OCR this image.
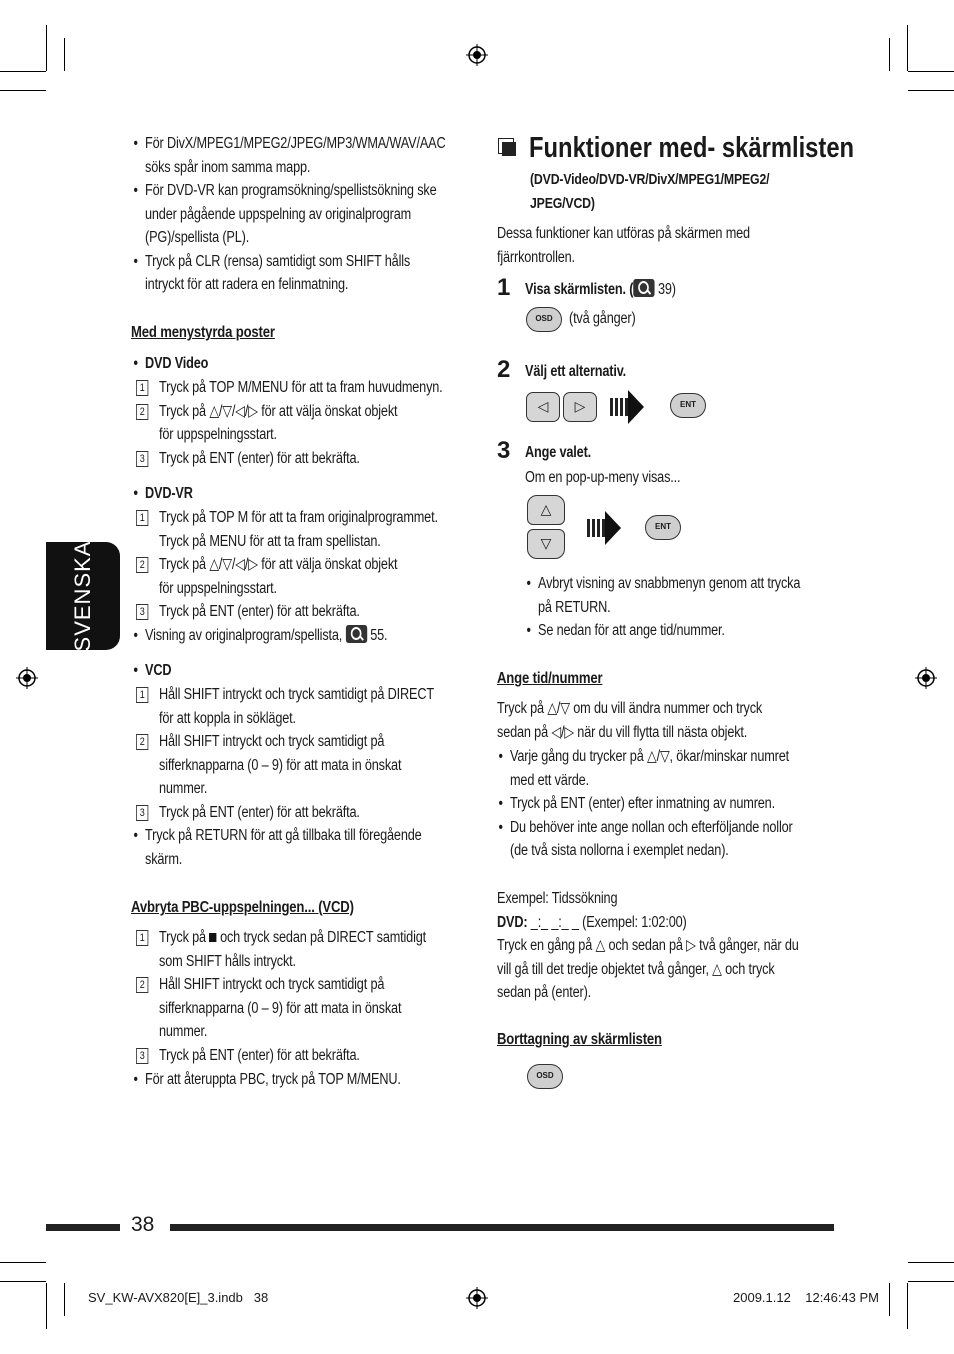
SVENSKA
• För DivX/MPEG1/MPEG2/JPEG/MP3/WMA/WAV/AAC
söks spår inom samma mapp.
• För DVD-VR kan programsökning/spellistsökning ske
under pågående uppspelning av originalprogram
(PG)/spellista (PL).
• Tryck på CLR (rensa) samtidigt som SHIFT hålls
intryckt för att radera en felinmatning.
Med menystyrda poster
• DVD Video
1 Tryck på TOP M/MENU för att ta fram huvudmenyn.
2 Tryck på △/▽/◁/▷ för att välja önskat objekt
för uppspelningsstart.
3 Tryck på ENT (enter) för att bekräfta.
• DVD-VR
1 Tryck på TOP M för att ta fram originalprogrammet.
Tryck på MENU för att ta fram spellistan.
2 Tryck på △/▽/◁/▷ för att välja önskat objekt
för uppspelningsstart.
3 Tryck på ENT (enter) för att bekräfta.
• Visning av originalprogram/spellista, 55.
• VCD
1 Håll SHIFT intryckt och tryck samtidigt på DIRECT
för att koppla in sökläget.
2 Håll SHIFT intryckt och tryck samtidigt på
sifferknapparna (0 – 9) för att mata in önskat
nummer.
3 Tryck på ENT (enter) för att bekräfta.
• Tryck på RETURN för att gå tillbaka till föregående
skärm.
Avbryta PBC-uppspelningen... (VCD)
1 Tryck på och tryck sedan på DIRECT samtidigt
som SHIFT hålls intryckt.
2 Håll SHIFT intryckt och tryck samtidigt på
sifferknapparna (0 – 9) för att mata in önskat
nummer.
3 Tryck på ENT (enter) för att bekräfta.
• För att återuppta PBC, tryck på TOP M/MENU.
Funktioner med- skärmlisten
(DVD-Video/DVD-VR/DivX/MPEG1/MPEG2/
JPEG/VCD)
Dessa funktioner kan utföras på skärmen med
fjärrkontrollen.
1 Visa skärmlisten. ( 39)
OSD	(två gånger)
2 Välj ett alternativ.
◁	▷	ENT
3 Ange valet.
Om en pop-up-meny visas...
△
▽
ENT
• Avbryt visning av snabbmenyn genom att trycka
på RETURN.
• Se nedan för att ange tid/nummer.
Ange tid/nummer
Tryck på △/▽ om du vill ändra nummer och tryck
sedan på ◁/▷ när du vill flytta till nästa objekt.
• Varje gång du trycker på △/▽, ökar/minskar numret
med ett värde.
• Tryck på ENT (enter) efter inmatning av numren.
• Du behöver inte ange nollan och efterföljande nollor
(de två sista nollorna i exemplet nedan).
Exempel: Tidssökning
DVD: _:_ _:_ _ (Exempel: 1:02:00)
Tryck en gång på △ och sedan på ▷ två gånger, när du
vill gå till det tredje objektet två gånger, △ och tryck
sedan på (enter).
Borttagning av skärmlisten
OSD
38
SV_KW-AVX820[E]_3.indb   38	2009.1.12    12:46:43 PM
